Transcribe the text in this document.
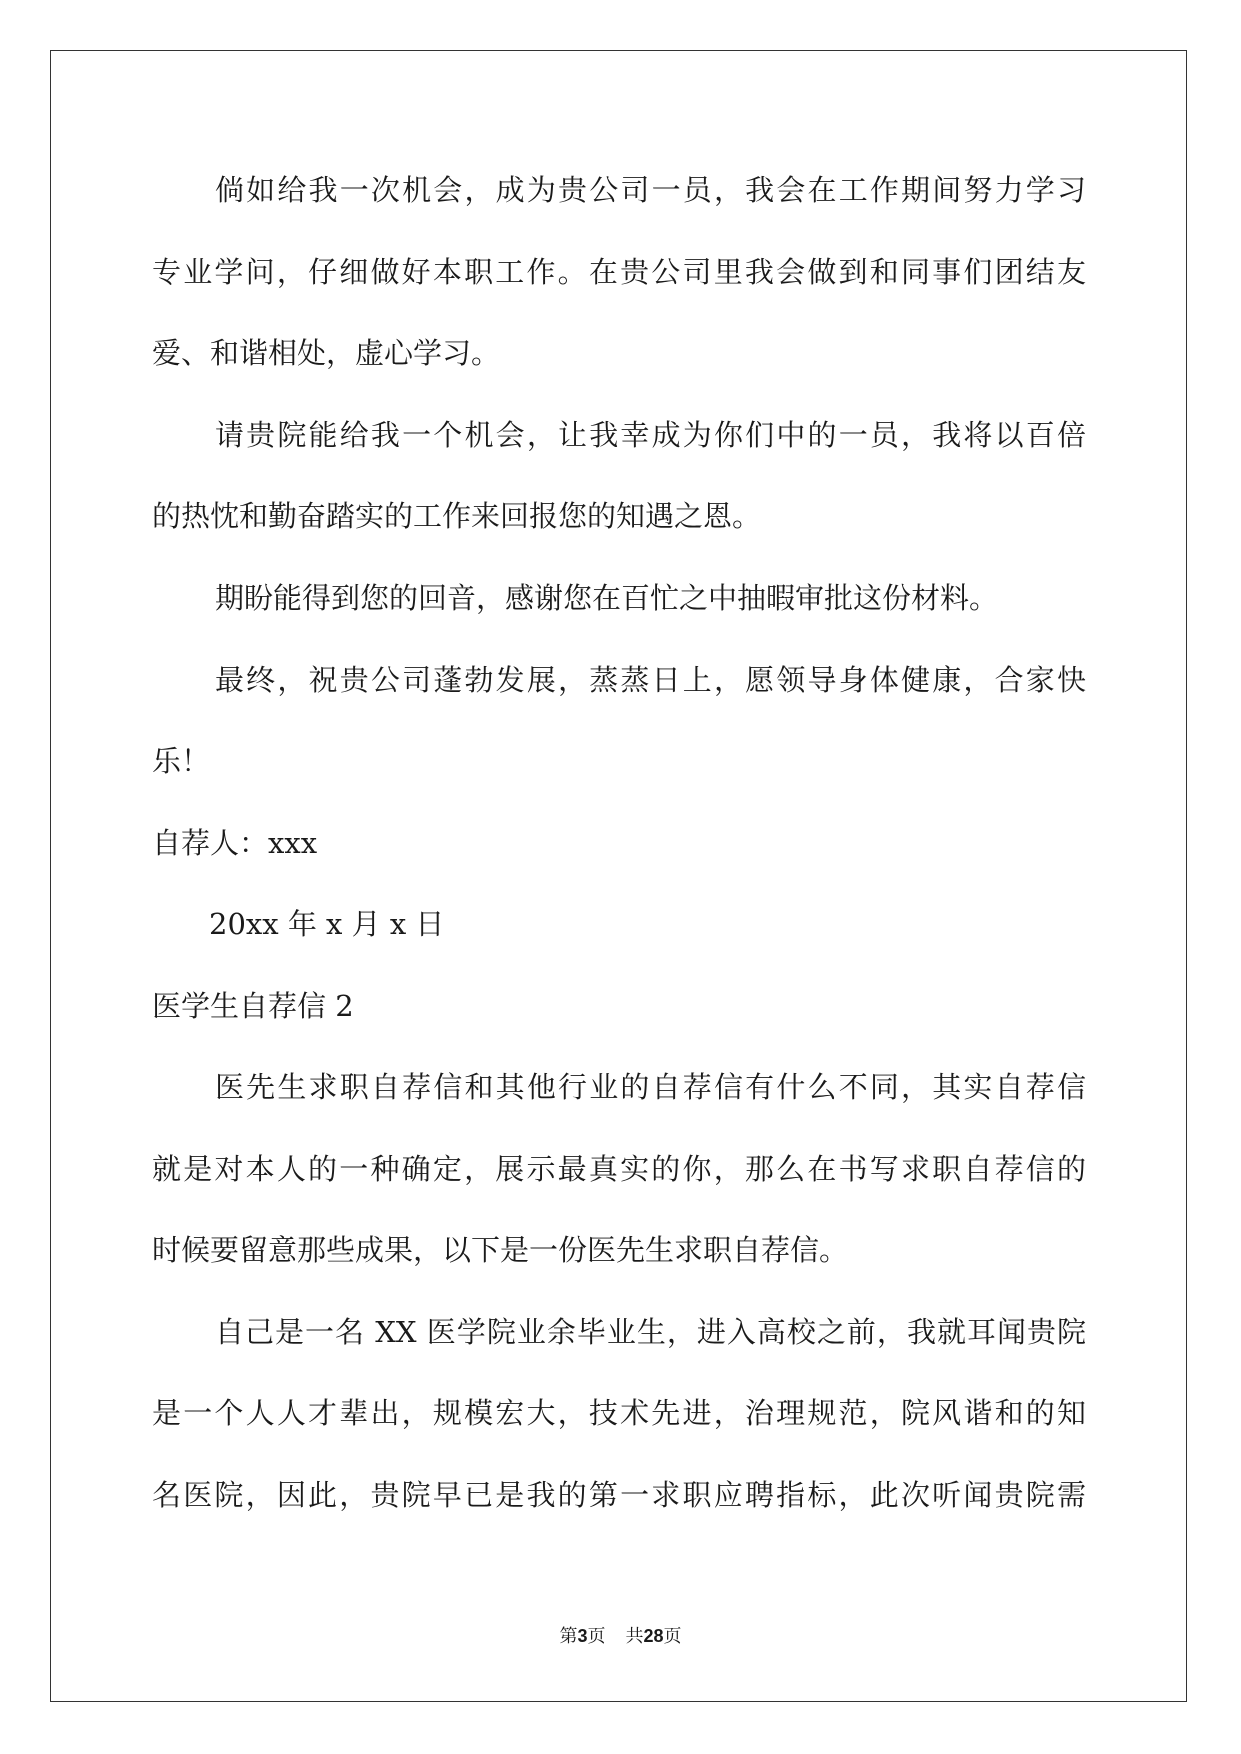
倘如给我一次机会，成为贵公司一员，我会在工作期间努力学习
专业学问，仔细做好本职工作。在贵公司里我会做到和同事们团结友
爱、和谐相处，虚心学习。
请贵院能给我一个机会，让我幸成为你们中的一员，我将以百倍
的热忱和勤奋踏实的工作来回报您的知遇之恩。
期盼能得到您的回音，感谢您在百忙之中抽暇审批这份材料。
最终，祝贵公司蓬勃发展，蒸蒸日上，愿领导身体健康，合家快
乐！
自荐人：xxx
20xx 年 x 月 x 日
医学生自荐信 2
医先生求职自荐信和其他行业的自荐信有什么不同，其实自荐信
就是对本人的一种确定，展示最真实的你，那么在书写求职自荐信的
时候要留意那些成果，以下是一份医先生求职自荐信。
自己是一名 XX 医学院业余毕业生，进入高校之前，我就耳闻贵院
是一个人人才辈出，规模宏大，技术先进，治理规范，院风谐和的知
名医院，因此，贵院早已是我的第一求职应聘指标，此次听闻贵院需
第3页 共28页
